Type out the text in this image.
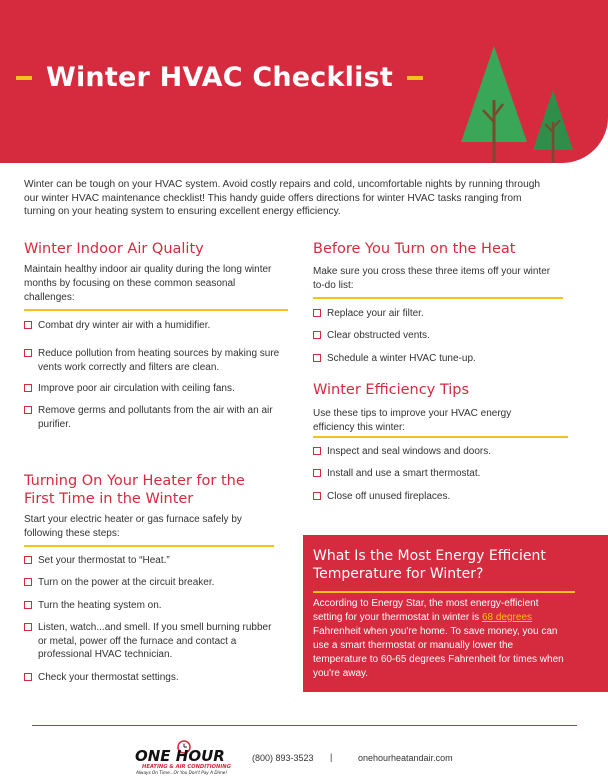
Winter HVAC Checklist

Winter can be tough on your HVAC system. Avoid costly repairs and cold, uncomfortable nights by running through our winter HVAC maintenance checklist! This handy guide offers directions for winter HVAC tasks ranging from turning on your heating system to ensuring excellent energy efficiency.

Winter Indoor Air Quality

Maintain healthy indoor air quality during the long winter months by focusing on these common seasonal challenges:

Combat dry winter air with a humidifier.
Reduce pollution from heating sources by making sure vents work correctly and filters are clean.
Improve poor air circulation with ceiling fans.
Remove germs and pollutants from the air with an air purifier.
Turning On Your Heater for the First Time in the Winter

Start your electric heater or gas furnace safely by following these steps:

Set your thermostat to “Heat.”
Turn on the power at the circuit breaker.
Turn the heating system on.
Listen, watch...and smell. If you smell burning rubber or metal, power off the furnace and contact a professional HVAC technician.
Check your thermostat settings.
Before You Turn on the Heat

Make sure you cross these three items off your winter to-do list:

Replace your air filter.
Clear obstructed vents.
Schedule a winter HVAC tune-up.
Winter Efficiency Tips

Use these tips to improve your HVAC energy efficiency this winter:

Inspect and seal windows and doors.
Install and use a smart thermostat.
Close off unused fireplaces.
What Is the Most Energy Efficient Temperature for Winter?

According to Energy Star, the most energy-efficient setting for your thermostat in winter is 68 degrees Fahrenheit when you're home. To save money, you can use a smart thermostat or manually lower the temperature to 60-65 degrees Fahrenheit for times when you're away.

ONE HOUR
HEATING & AIR CONDITIONING
Always On Time...Or You Don't Pay A Dime!
(800) 893-3523 |	onehourheatandair.com
